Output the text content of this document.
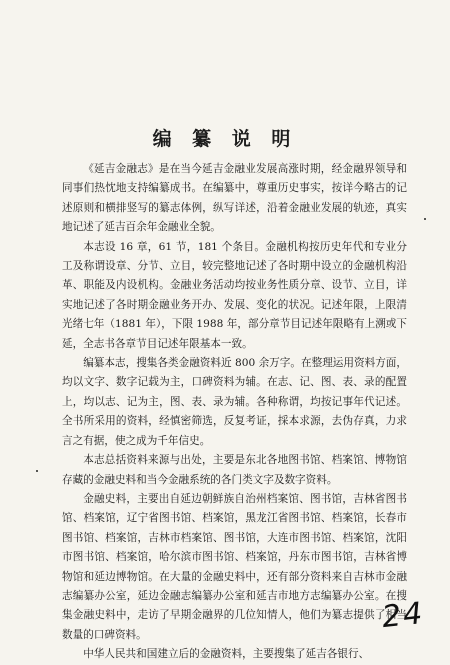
编 纂 说 明

《延吉金融志》是在当今延吉金融业发展高涨时期，经金融界领导和同事们热忱地支持编纂成书。在编纂中，尊重历史事实，按详今略古的记述原则和横排竖写的纂志体例，纵写详述，沿着金融业发展的轨迹，真实地记述了延吉百余年金融业全貌。

本志设 16 章，61 节，181 个条目。金融机构按历史年代和专业分工及称谓设章、分节、立目，较完整地记述了各时期中设立的金融机构沿革、职能及内设机构。金融业务活动均按业务性质分章、设节、立目，详实地记述了各时期金融业务开办、发展、变化的状况。记述年限，上限清光绪七年（1881 年），下限 1988 年，部分章节目记述年限略有上溯或下延，全志书各章节目记述年限基本一致。

编纂本志，搜集各类金融资料近 800 余万字。在整理运用资料方面，均以文字、数字记载为主，口碑资料为辅。在志、记、图、表、录的配置上，均以志、记为主，图、表、录为辅。各种称谓，均按记事年代记述。全书所采用的资料，经慎密筛选，反复考证，採本求源，去伪存真，力求言之有据，使之成为千年信史。

本志总括资料来源与出处，主要是东北各地图书馆、档案馆、博物馆存藏的金融史料和当今金融系统的各门类文字及数字资料。

金融史料，主要出自延边朝鲜族自治州档案馆、图书馆，吉林省图书馆、档案馆，辽宁省图书馆、档案馆，黑龙江省图书馆、档案馆，长春市图书馆、档案馆，吉林市档案馆、图书馆，大连市图书馆、档案馆，沈阳市图书馆、档案馆，哈尔滨市图书馆、档案馆，丹东市图书馆，吉林省博物馆和延边博物馆。在大量的金融史料中，还有部分资料来自吉林市金融志编纂办公室，延边金融志编纂办公室和延吉市地方志编纂办公室。在搜集金融史料中，走访了早期金融界的几位知情人，他们为纂志提供了相当数量的口碑资料。

中华人民共和国建立后的金融资料，主要搜集了延吉各银行、

24
